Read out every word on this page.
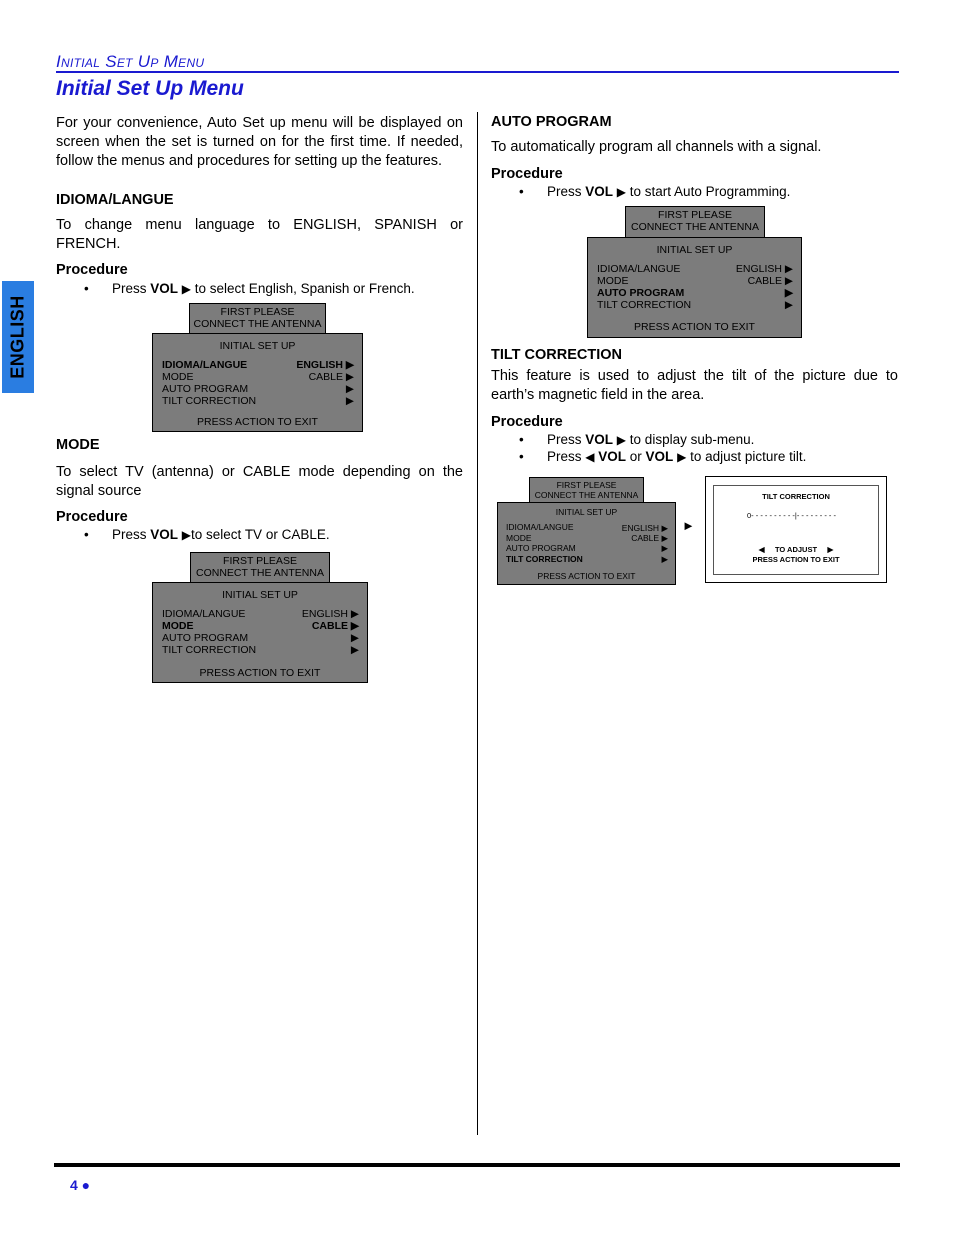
Initial Set Up Menu
Initial Set Up Menu
ENGLISH
For your convenience, Auto Set up menu will be displayed on screen when the set is turned on for the first time. If needed, follow the menus and procedures for setting up the features.
IDIOMA/LANGUE
To change menu language to ENGLISH, SPANISH or FRENCH.
Procedure
• Press VOL ▶ to select English, Spanish or French.
FIRST PLEASE
CONNECT THE ANTENNA
INITIAL SET UP
IDIOMA/LANGUE	ENGLISH ▶
MODE	CABLE ▶
AUTO PROGRAM	▶
TILT CORRECTION	▶
PRESS ACTION TO EXIT
MODE
To select TV (antenna) or CABLE mode depending on the signal source
Procedure
• Press VOL ▶to select TV or CABLE.
FIRST PLEASE
CONNECT THE ANTENNA
INITIAL SET UP
IDIOMA/LANGUE	ENGLISH ▶
MODE	CABLE ▶
AUTO PROGRAM	▶
TILT CORRECTION	▶
PRESS ACTION TO EXIT
AUTO PROGRAM
To automatically program all channels with a signal.
Procedure
• Press VOL ▶ to start Auto Programming.
FIRST PLEASE
CONNECT THE ANTENNA
INITIAL SET UP
IDIOMA/LANGUE	ENGLISH ▶
MODE	CABLE ▶
AUTO PROGRAM	▶
TILT CORRECTION	▶
PRESS ACTION TO EXIT
TILT CORRECTION
This feature is used to adjust the tilt of the picture due to earth’s magnetic field in the area.
Procedure
• Press VOL ▶ to display sub-menu.
• Press ◀ VOL or VOL ▶ to adjust picture tilt.
FIRST PLEASE
CONNECT THE ANTENNA
INITIAL SET UP
IDIOMA/LANGUE	ENGLISH ▶
MODE	CABLE ▶
AUTO PROGRAM	▶
TILT CORRECTION	▶
PRESS ACTION TO EXIT
►
TILT CORRECTION
0- - - - - - - - - -|- - - - - - - - -
◀ TO ADJUST ▶
PRESS ACTION TO EXIT
4 ●
